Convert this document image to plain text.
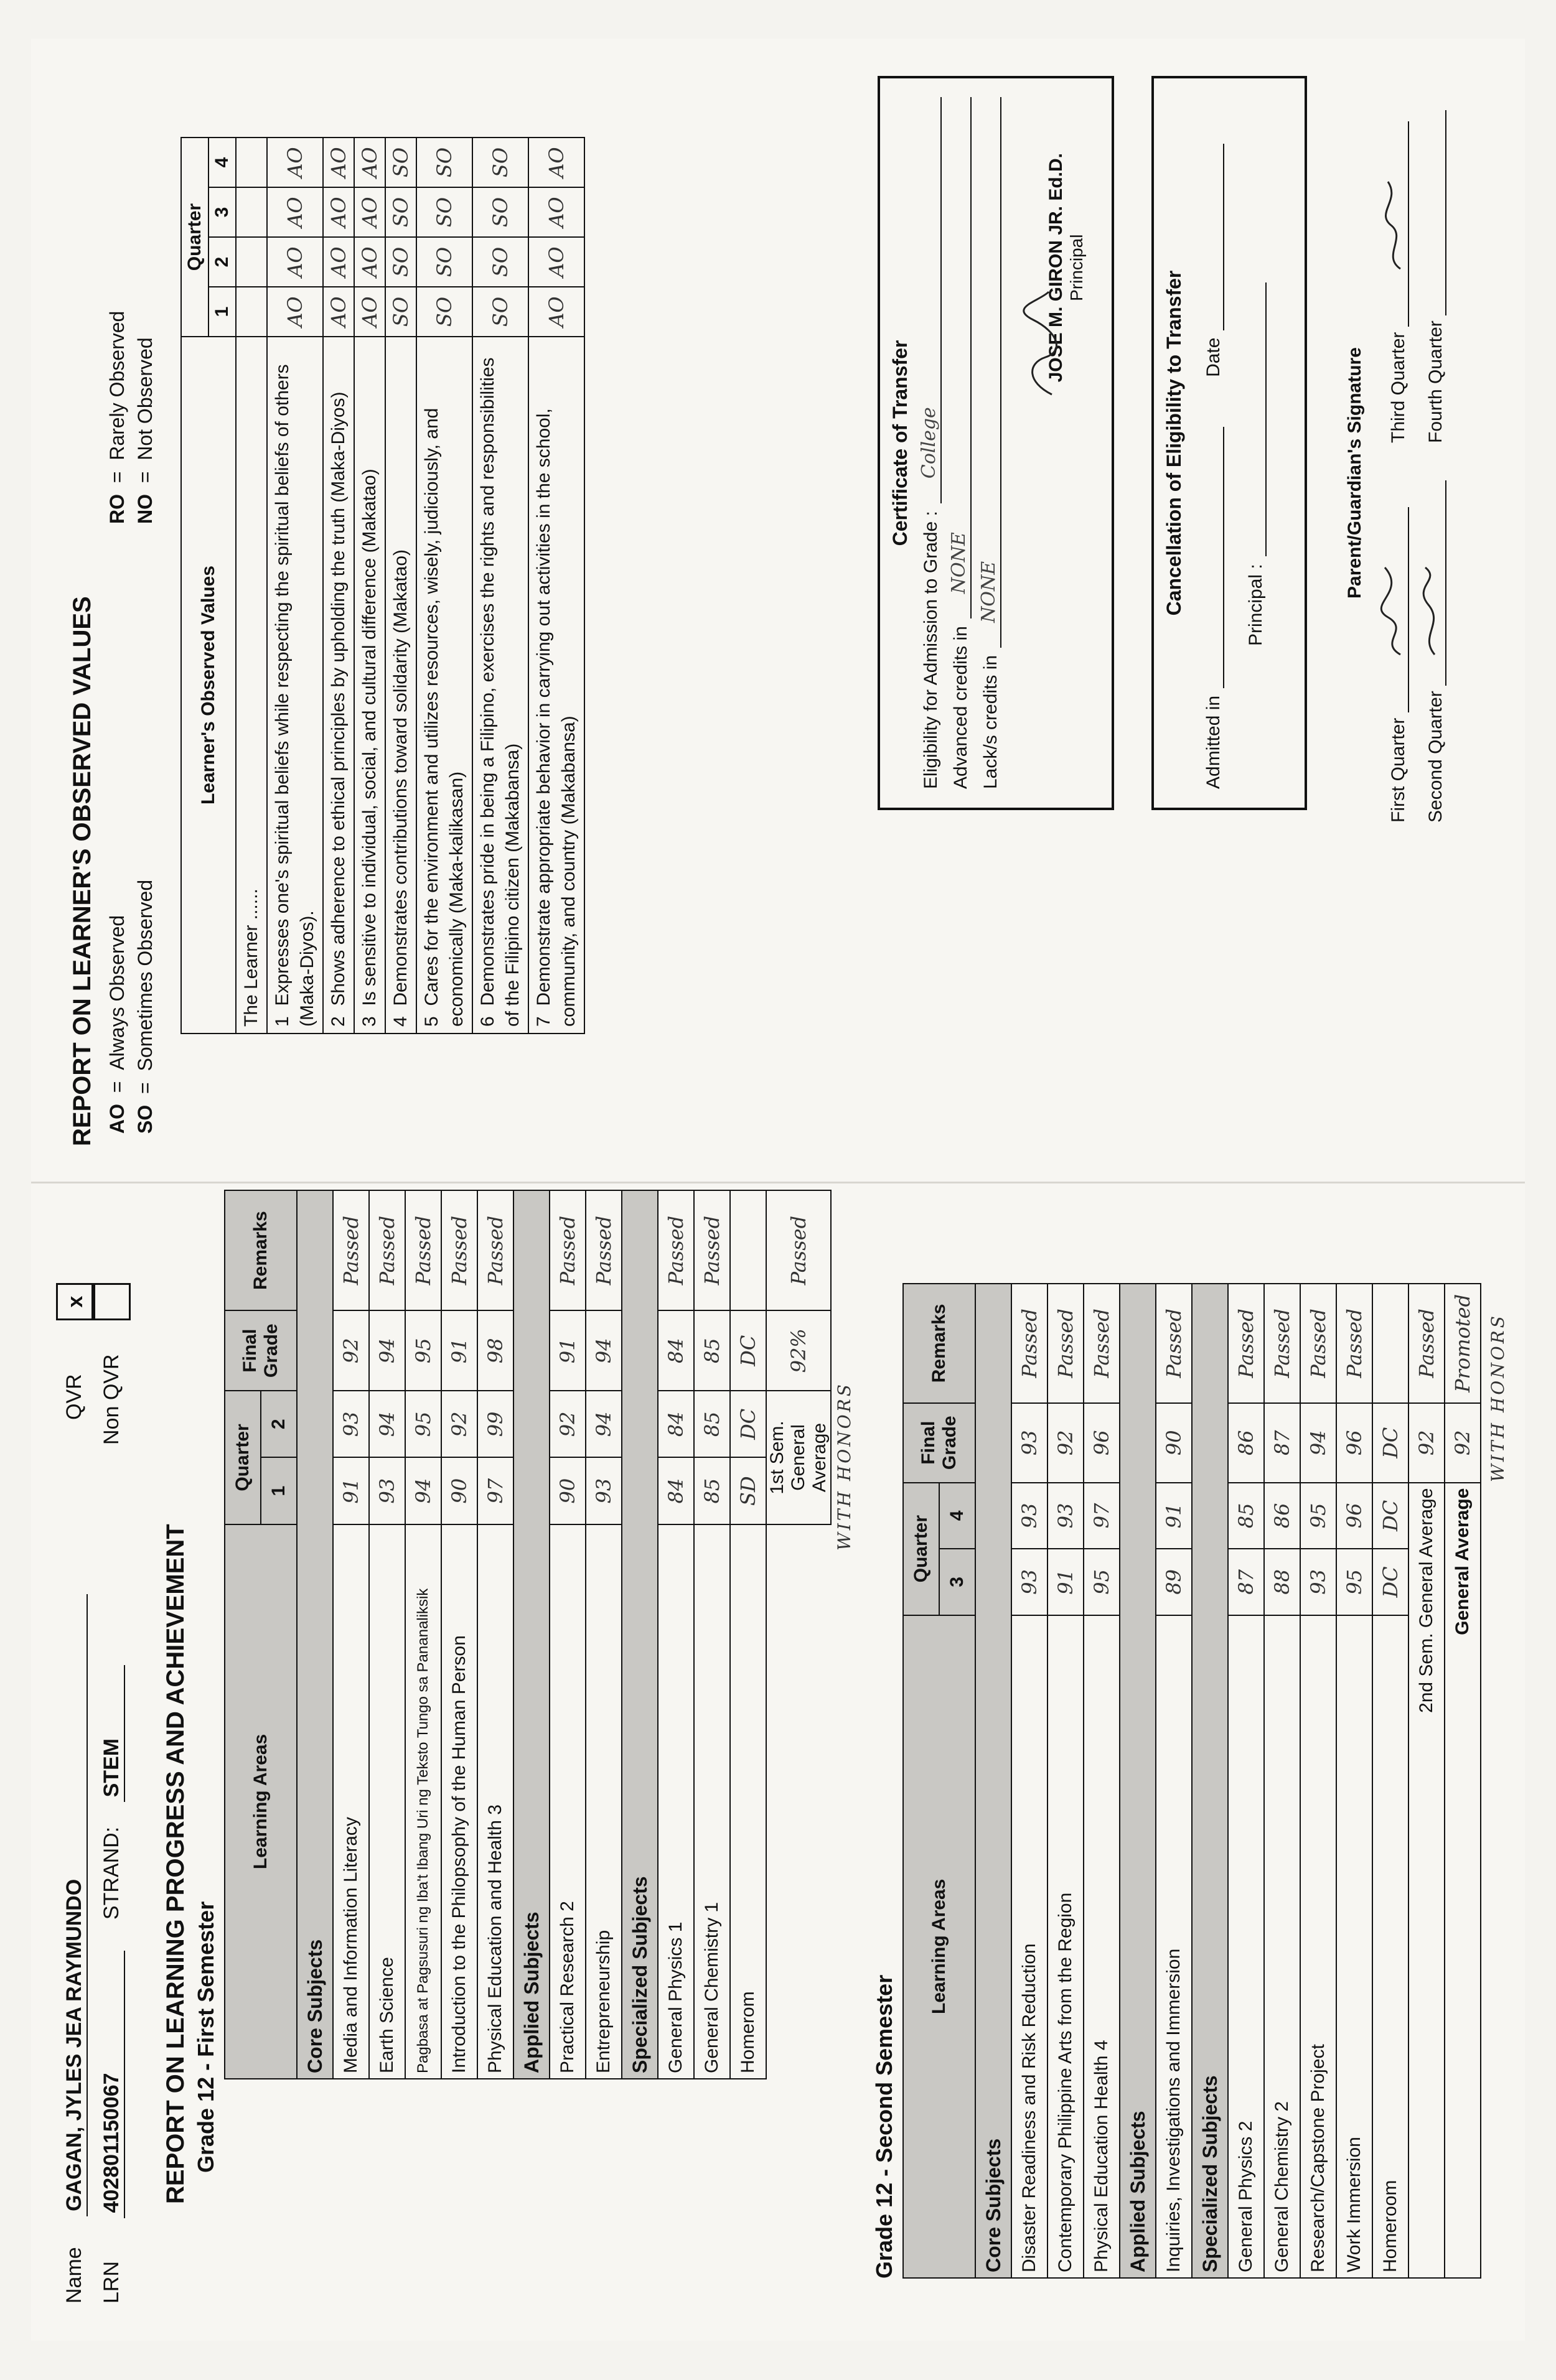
Name GAGAN, JYLES JEA RAYMUNDO
LRN 402801150067 STRAND: STEM
QVR
x
Non QVR
REPORT ON LEARNING PROGRESS AND ACHIEVEMENT Grade 12 - First Semester
Learning Areas	Quarter		Final
Grade	Remarks
	1	2		
Core Subjects				
Media and Information Literacy	91	93	92	Passed
Earth Science	93	94	94	Passed
Pagbasa at Pagsusuri ng Iba't Ibang Uri ng Teksto Tungo sa Pananaliksik	94	95	95	Passed
Introduction to the Philopsophy of the Human Person	90	92	91	Passed
Physical Education and Health 3	97	99	98	Passed
Applied Subjects				
Practical Research 2	90	92	91	Passed
Entrepreneurship	93	94	94	Passed
Specialized Subjects				
General Physics 1	84	84	84	Passed
General Chemistry 1	85	85	85	Passed
Homerom	SD	DC	DC	
	1st Sem. General Average		92%	Passed
WITH HONORS
Grade 12 - Second Semester
Learning Areas	Quarter		Final
Grade	Remarks
	3	4		
Core Subjects				
Disaster Readiness and Risk Reduction	93	93	93	Passed
Contemporary Philippine Arts from the Region	91	93	92	Passed
Physical Education Health 4	95	97	96	Passed
Applied Subjects				
Inquiries, Investigations and Immersion	89	91	90	Passed
Specialized Subjects				
General Physics 2	87	85	86	Passed
General Chemistry 2	88	86	87	Passed
Research/Capstone Project	93	95	94	Passed
Work Immersion	95	96	96	Passed
Homeroom	DC	DC	DC	
2nd Sem. General Average			92	Passed
General Average			92	Promoted WITH HONORS
REPORT ON LEARNER'S OBSERVED VALUES AO  =  Always Observed
SO  =  Sometimes Observed
RO  =  Rarely Observed
NO  =  Not Observed
Learner's Observed Values	Quarter			
	1	2	3	4
The Learner ......				
1  Expresses one's spiritual beliefs while respecting the spiritual beliefs of others (Maka-Diyos).	AO	AO	AO	AO
2  Shows adherence to ethical principles by upholding the truth (Maka-Diyos)	AO	AO	AO	AO
3  Is sensitive to individual, social, and cultural difference (Makatao)	AO	AO	AO	AO
4  Demonstrates contributions toward solidarity (Makatao)	SO	SO	SO	SO
5  Cares for the environment and utilizes resources, wisely, judiciously, and economically (Maka-kalikasan)	SO	SO	SO	SO
6  Demonstrates pride in being a Filipino, exercises the rights and responsibilities of the Filipino citizen (Makabansa)	SO	SO	SO	SO
7  Demonstrate appropriate behavior in carrying out activities in the school, community, and country (Makabansa)	AO	AO	AO	AO
Certificate of Transfer
Eligibility for Admission to Grade :
College
Advanced credits in
NONE
Lack/s credits in
NONE
JOSE M. GIRON JR. Ed.D. Principal
Cancellation of Eligibility to Transfer
Admitted in
Date
Principal :
Parent/Guardian's Signature
First Quarter Second Quarter
Third Quarter Fourth Quarter
